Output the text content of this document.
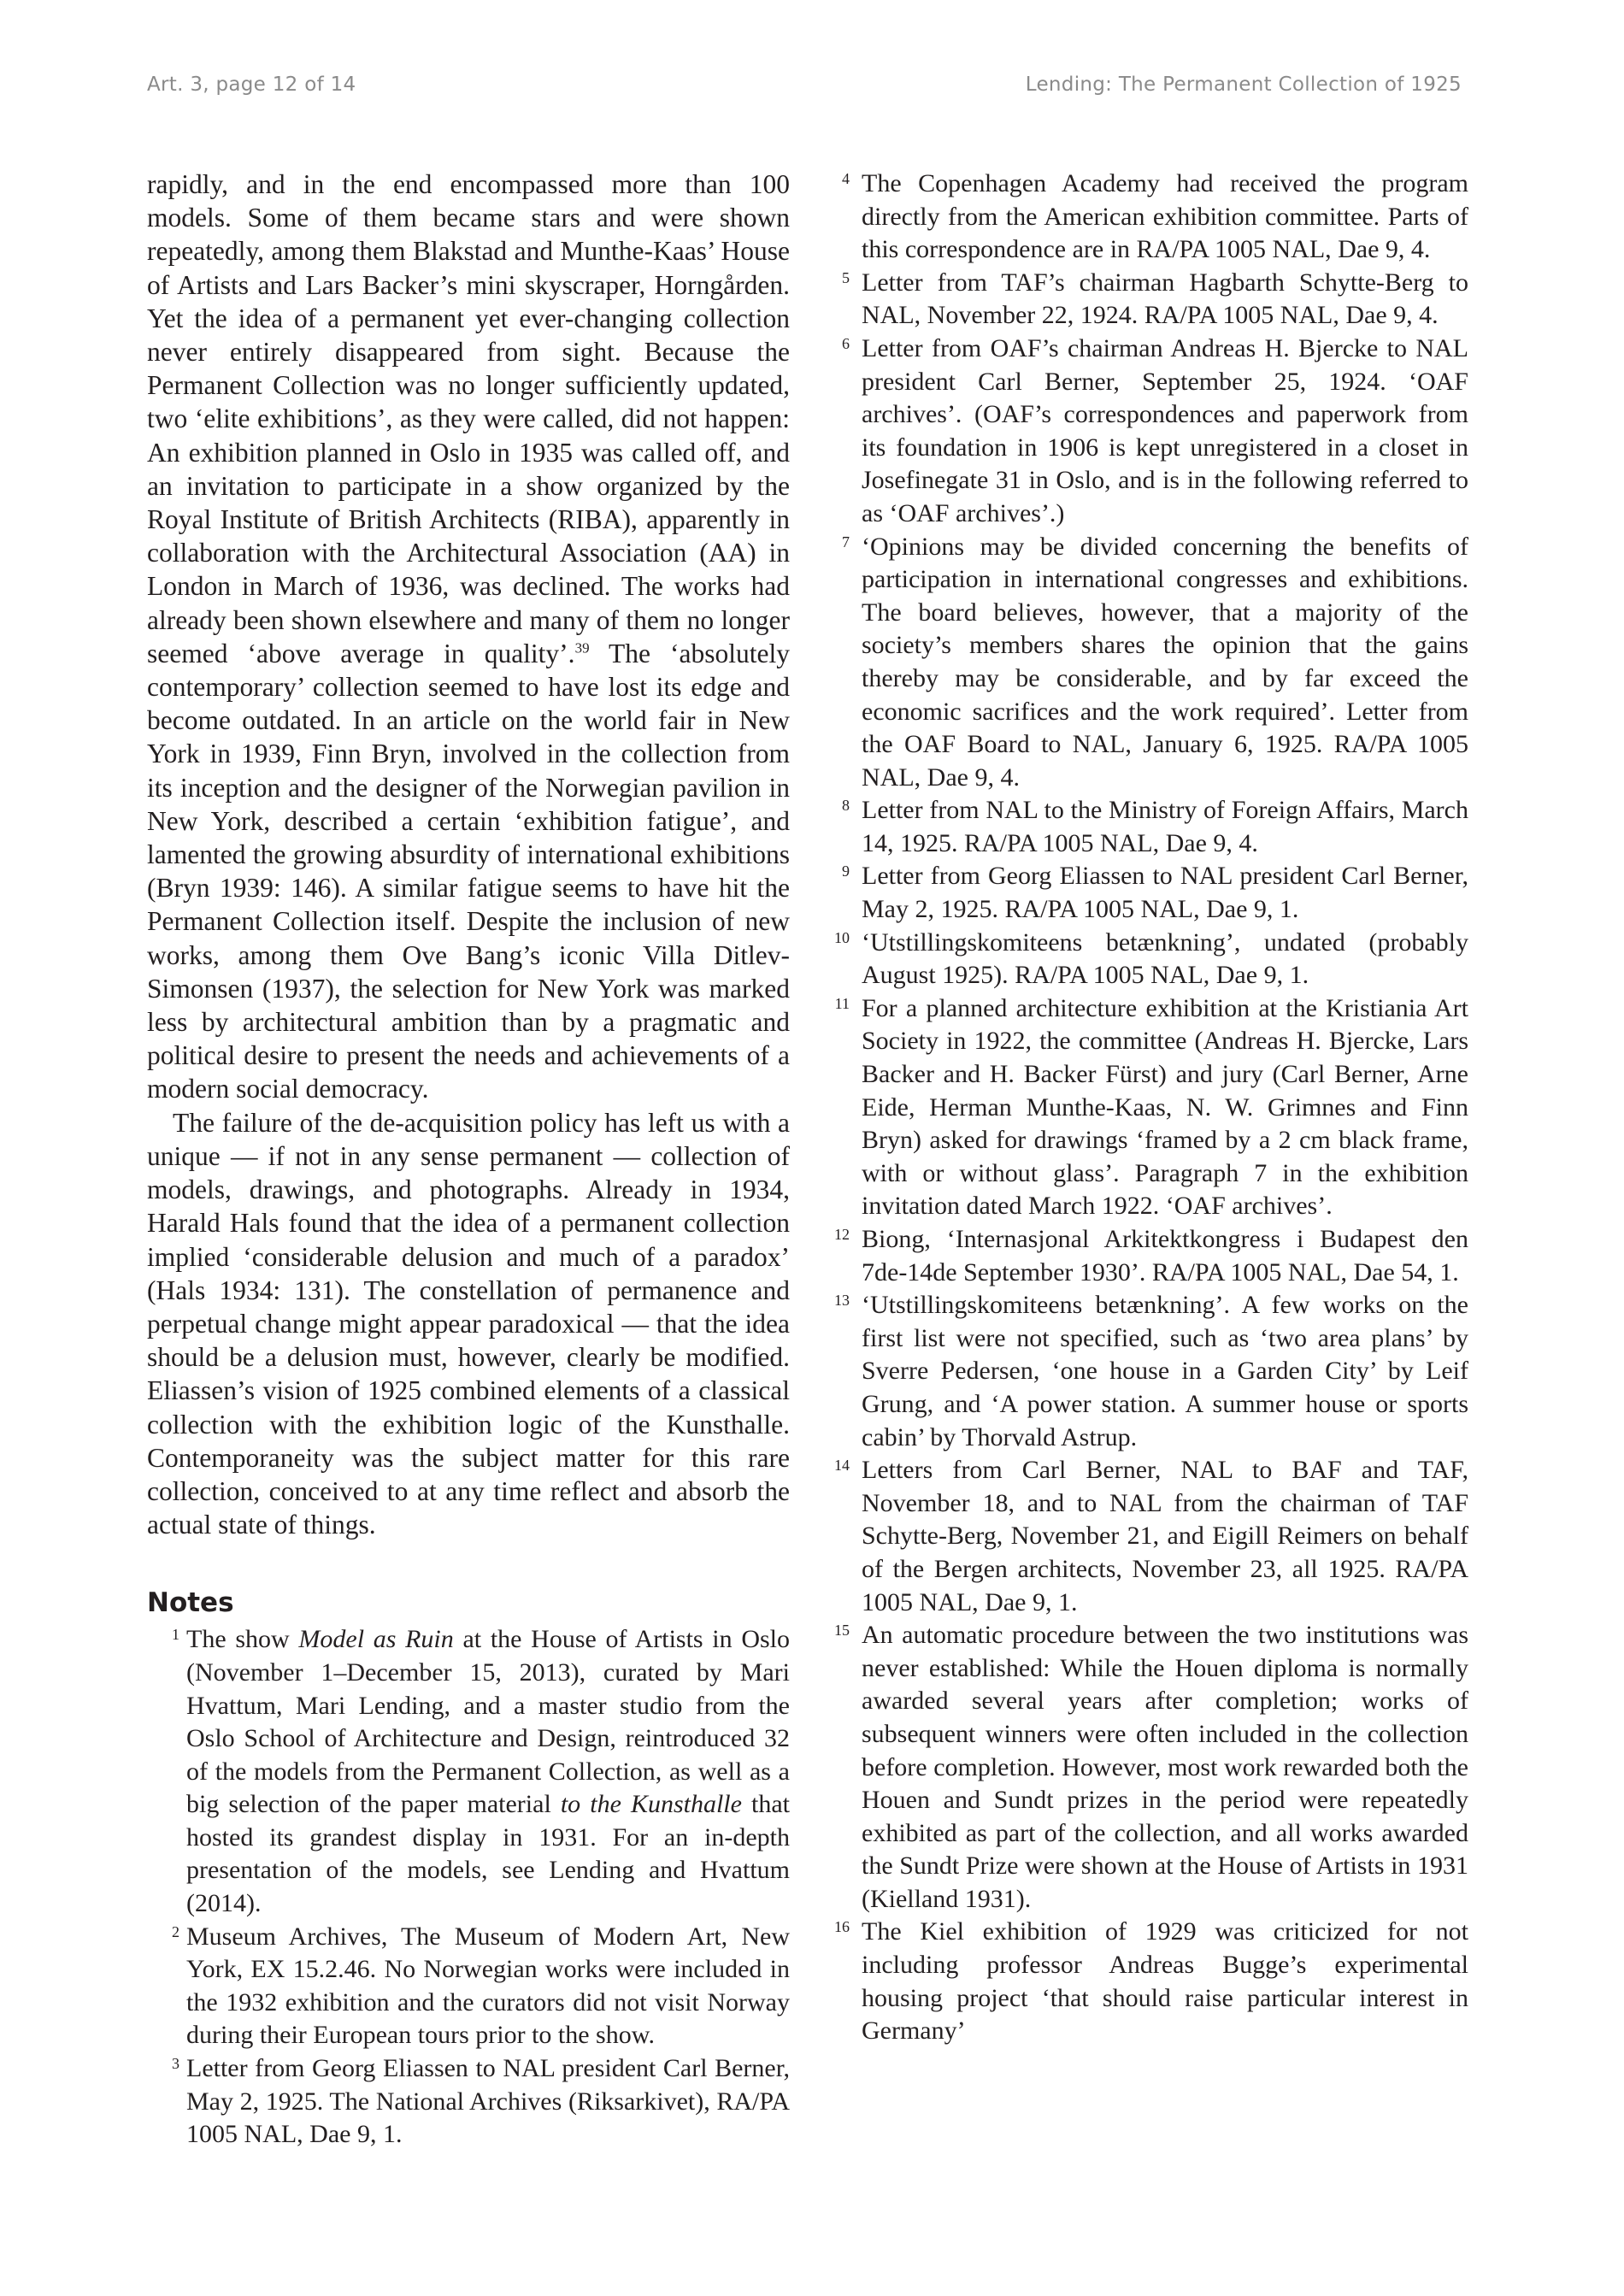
Art. 3, page 12 of 14	Lending: The Permanent Collection of 1925

rapidly, and in the end encompassed more than 100 models. Some of them became stars and were shown repeatedly, among them Blakstad and Munthe-Kaas’ House of Artists and Lars Backer’s mini skyscraper, Horngården. Yet the idea of a permanent yet ever-changing collection never entirely disappeared from sight. Because the Permanent Collection was no longer sufficiently updated, two ‘elite exhibitions’, as they were called, did not happen: An exhibition planned in Oslo in 1935 was called off, and an invitation to participate in a show organized by the Royal Institute of British Architects (RIBA), apparently in collaboration with the Architectural Association (AA) in London in March of 1936, was declined. The works had already been shown elsewhere and many of them no longer seemed ‘above average in quality’.$^{39}$ The ‘absolutely contemporary’ collection seemed to have lost its edge and become outdated. In an article on the world fair in New York in 1939, Finn Bryn, involved in the collection from its inception and the designer of the Norwegian pavilion in New York, described a certain ‘exhibition fatigue’, and lamented the growing absurdity of international exhibitions (Bryn 1939: 146). A similar fatigue seems to have hit the Permanent Collection itself. Despite the inclusion of new works, among them Ove Bang’s iconic Villa Ditlev-Simonsen (1937), the selection for New York was marked less by architectural ambition than by a pragmatic and political desire to present the needs and achievements of a modern social democracy.

The failure of the de-acquisition policy has left us with a unique — if not in any sense permanent — collection of models, drawings, and photographs. Already in 1934, Harald Hals found that the idea of a permanent collection implied ‘considerable delusion and much of a paradox’ (Hals 1934: 131). The constellation of permanence and perpetual change might appear paradoxical — that the idea should be a delusion must, however, clearly be modified. Eliassen’s vision of 1925 combined elements of a classical collection with the exhibition logic of the Kunsthalle. Contemporaneity was the subject matter for this rare collection, conceived to at any time reflect and absorb the actual state of things.

Notes

1 The show Model as Ruin at the House of Artists in Oslo (November 1–December 15, 2013), curated by Mari Hvattum, Mari Lending, and a master studio from the Oslo School of Architecture and Design, reintroduced 32 of the models from the Permanent Collection, as well as a big selection of the paper material to the Kunsthalle that hosted its grandest display in 1931. For an in-depth presentation of the models, see Lending and Hvattum (2014).

2 Museum Archives, The Museum of Modern Art, New York, EX 15.2.46. No Norwegian works were included in the 1932 exhibition and the curators did not visit Norway during their European tours prior to the show.

3 Letter from Georg Eliassen to NAL president Carl Berner, May 2, 1925. The National Archives (Riksarkivet), RA/PA 1005 NAL, Dae 9, 1.

4 The Copenhagen Academy had received the program directly from the American exhibition committee. Parts of this correspondence are in RA/PA 1005 NAL, Dae 9, 4.

5 Letter from TAF’s chairman Hagbarth Schytte-Berg to NAL, November 22, 1924. RA/PA 1005 NAL, Dae 9, 4.

6 Letter from OAF’s chairman Andreas H. Bjercke to NAL president Carl Berner, September 25, 1924. ‘OAF archives’. (OAF’s correspondences and paperwork from its foundation in 1906 is kept unregistered in a closet in Josefinegate 31 in Oslo, and is in the following referred to as ‘OAF archives’.)

7 ‘Opinions may be divided concerning the benefits of participation in international congresses and exhibitions. The board believes, however, that a majority of the society’s members shares the opinion that the gains thereby may be considerable, and by far exceed the economic sacrifices and the work required’. Letter from the OAF Board to NAL, January 6, 1925. RA/PA 1005 NAL, Dae 9, 4.

8 Letter from NAL to the Ministry of Foreign Affairs, March 14, 1925. RA/PA 1005 NAL, Dae 9, 4.

9 Letter from Georg Eliassen to NAL president Carl Berner, May 2, 1925. RA/PA 1005 NAL, Dae 9, 1.

10 ‘Utstillingskomiteens betænkning’, undated (probably August 1925). RA/PA 1005 NAL, Dae 9, 1.

11 For a planned architecture exhibition at the Kristiania Art Society in 1922, the committee (Andreas H. Bjercke, Lars Backer and H. Backer Fürst) and jury (Carl Berner, Arne Eide, Herman Munthe-Kaas, N. W. Grimnes and Finn Bryn) asked for drawings ‘framed by a 2 cm black frame, with or without glass’. Paragraph 7 in the exhibition invitation dated March 1922. ‘OAF archives’.

12 Biong, ‘Internasjonal Arkitektkongress i Budapest den 7de-14de September 1930’. RA/PA 1005 NAL, Dae 54, 1.

13 ‘Utstillingskomiteens betænkning’. A few works on the first list were not specified, such as ‘two area plans’ by Sverre Pedersen, ‘one house in a Garden City’ by Leif Grung, and ‘A power station. A summer house or sports cabin’ by Thorvald Astrup.

14 Letters from Carl Berner, NAL to BAF and TAF, November 18, and to NAL from the chairman of TAF Schytte-Berg, November 21, and Eigill Reimers on behalf of the Bergen architects, November 23, all 1925. RA/PA 1005 NAL, Dae 9, 1.

15 An automatic procedure between the two institutions was never established: While the Houen diploma is normally awarded several years after completion; works of subsequent winners were often included in the collection before completion. However, most work rewarded both the Houen and Sundt prizes in the period were repeatedly exhibited as part of the collection, and all works awarded the Sundt Prize were shown at the House of Artists in 1931 (Kielland 1931).

16 The Kiel exhibition of 1929 was criticized for not including professor Andreas Bugge’s experimental housing project ‘that should raise particular interest in Germany’
